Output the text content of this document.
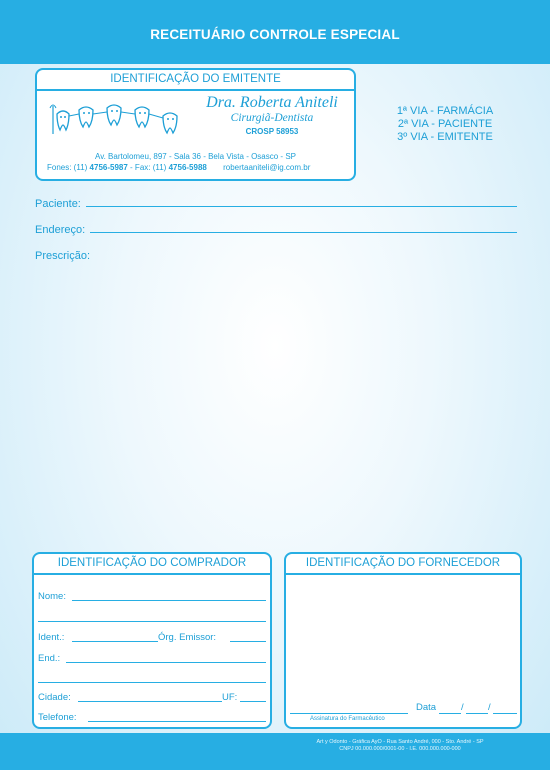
RECEITUÁRIO CONTROLE ESPECIAL
IDENTIFICAÇÃO DO EMITENTE
Dra. Roberta Aniteli
Cirurgiã-Dentista
CROSP 58953
Av. Bartolomeu, 897 - Sala 36 - Bela Vista - Osasco - SP
Fones: (11) 4756-5987 - Fax: (11) 4756-5988 robertaaniteli@ig.com.br
1ª VIA - FARMÁCIA
2ª VIA - PACIENTE
3º VIA - EMITENTE
Paciente:
Endereço:
Prescrição:
IDENTIFICAÇÃO DO COMPRADOR
Nome:
Ident.:	Órg. Emissor:
End.:
Cidade:	UF:
Telefone:
IDENTIFICAÇÃO DO FORNECEDOR
Assinatura do Farmacêutico
Data	/	/
Art y Odonto - Gráfica AyO - Rua Santo André, 000 - Sto. André - SP
CNPJ 00.000.000/0001-00 - I.E. 000.000.000-000
